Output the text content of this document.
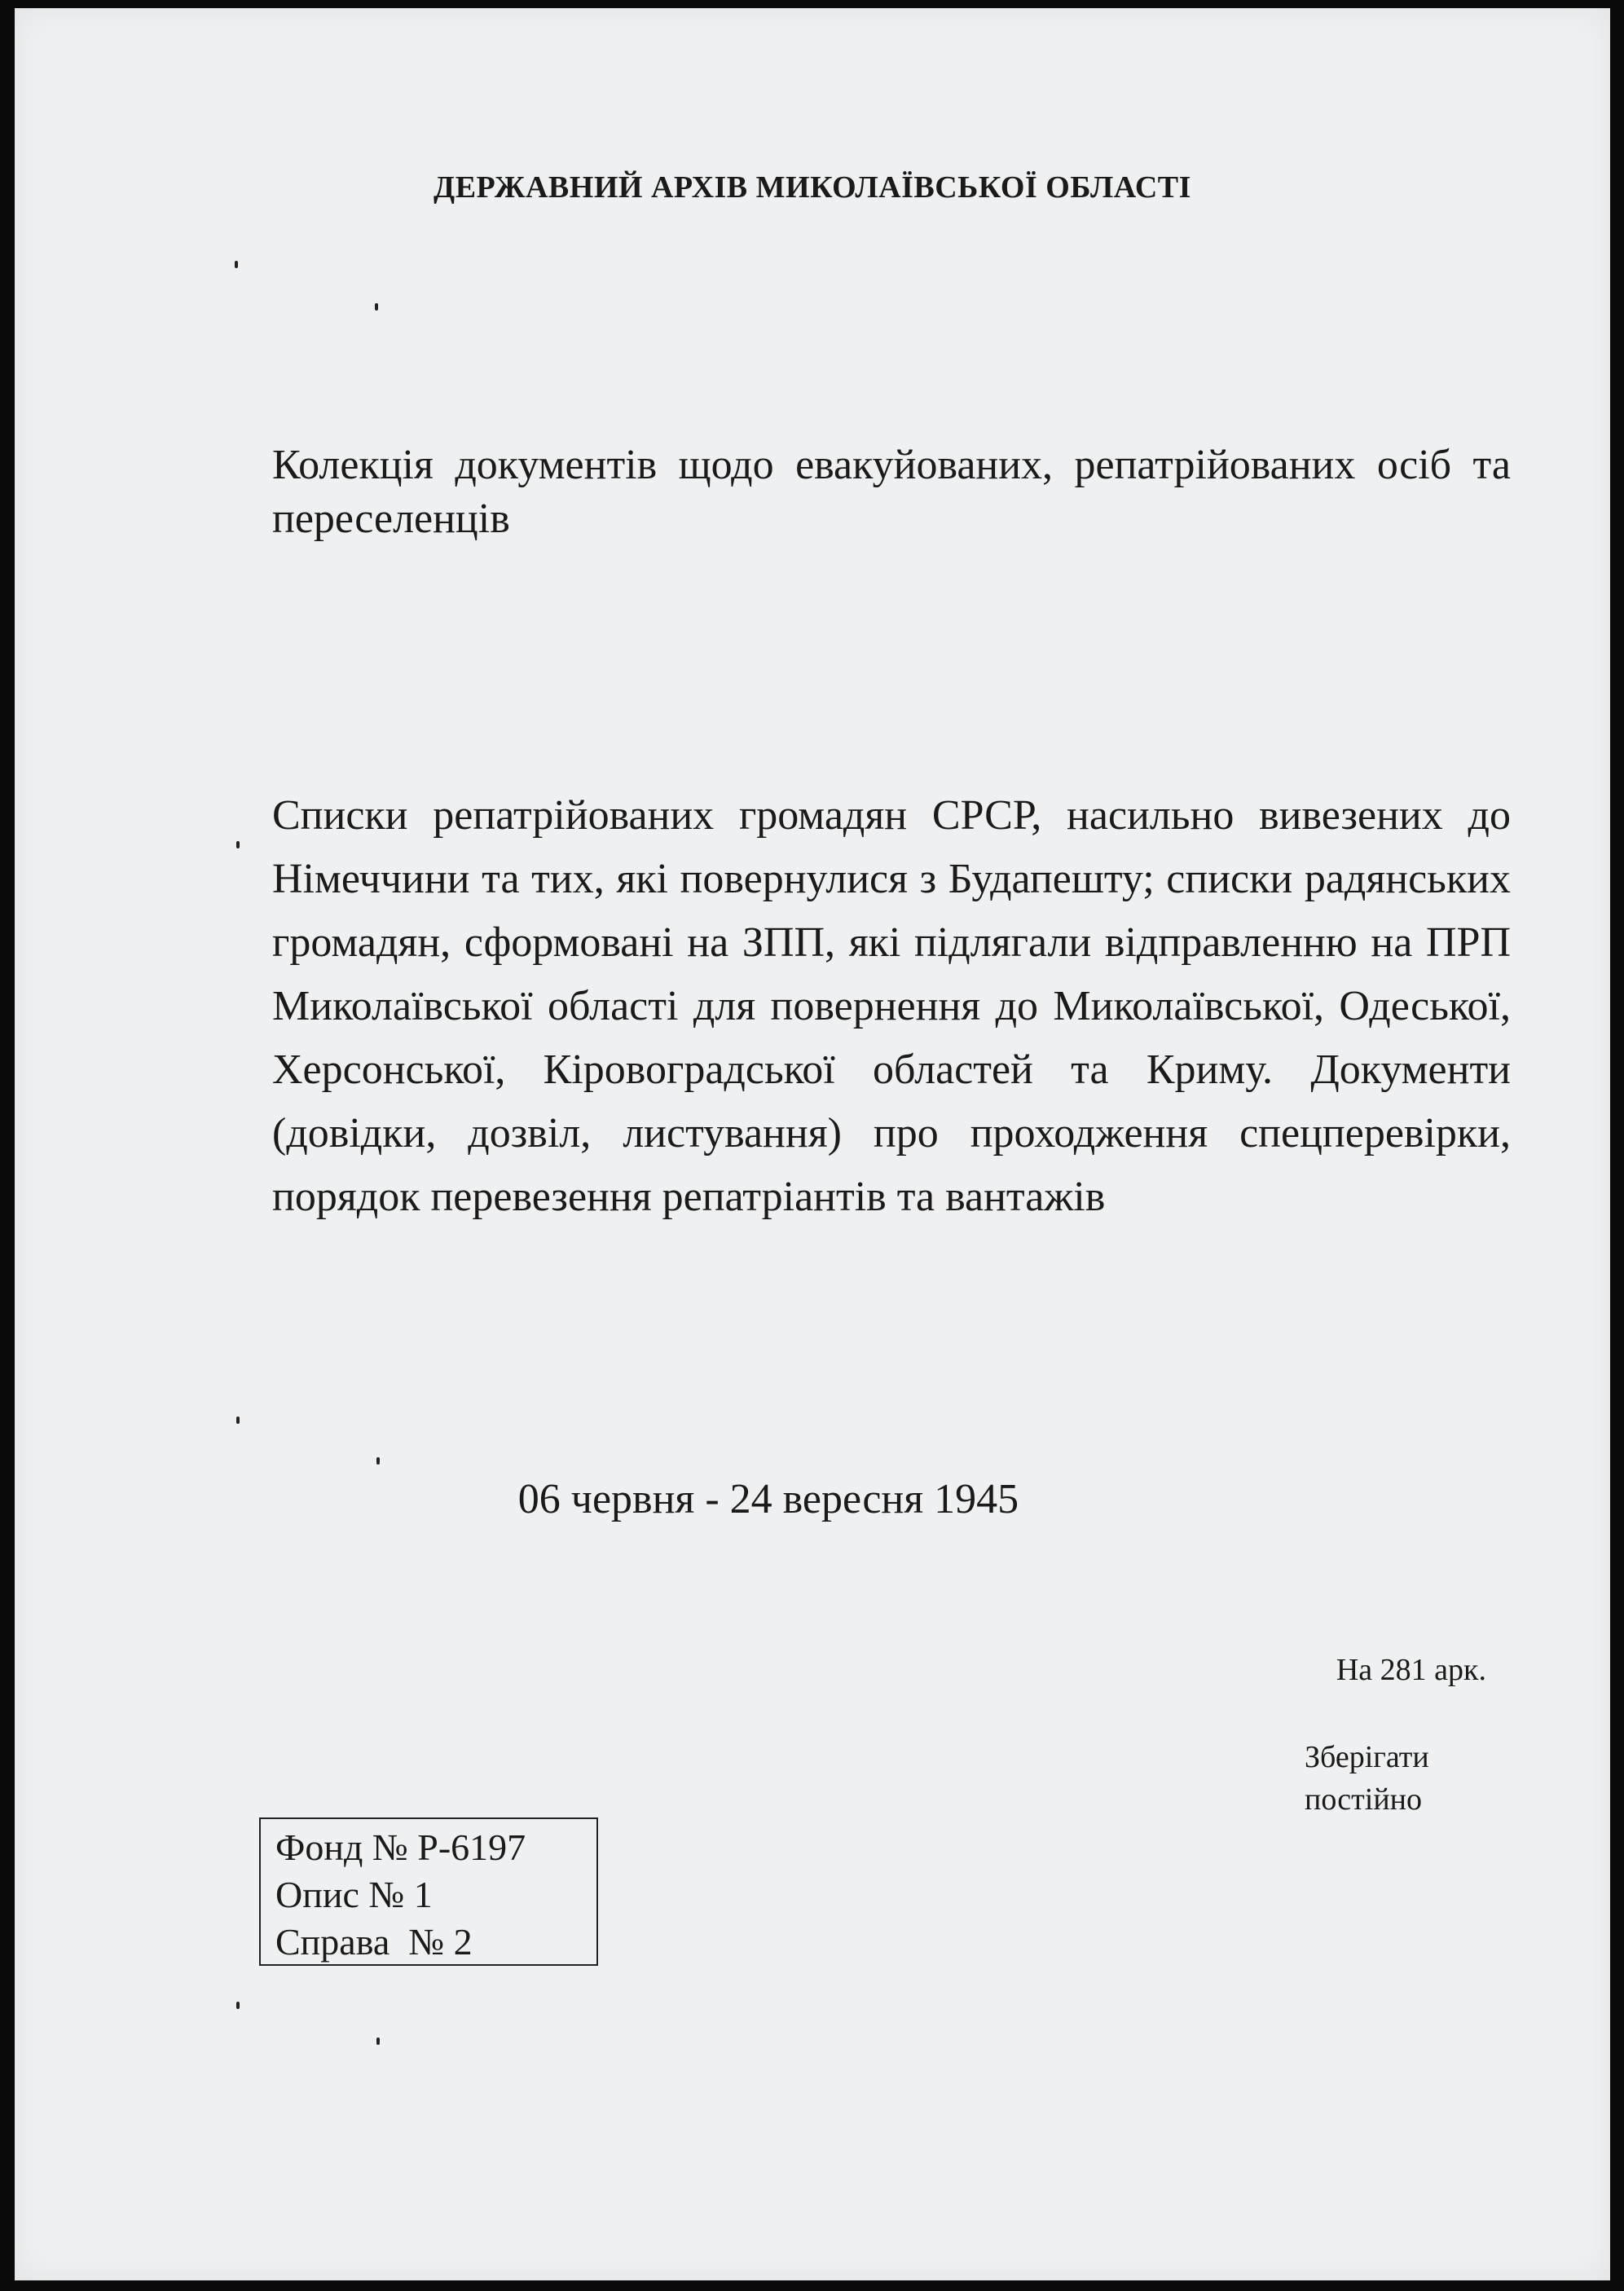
ДЕРЖАВНИЙ АРХІВ МИКОЛАЇВСЬКОЇ ОБЛАСТІ
Колекція документів щодо евакуйованих, репатрійованих осіб та переселенців
Списки репатрійованих громадян СРСР, насильно вивезених до Німеччини та тих, які повернулися з Будапешту; списки радянських громадян, сформовані на ЗПП, які підлягали відправленню на ПРП Миколаївської області для повернення до Миколаївської, Одеської, Херсонської, Кіровоградської областей та Криму. Документи (довідки, дозвіл, листування) про проходження спецперевірки, порядок перевезення репатріантів та вантажів
06 червня - 24 вересня 1945
На 281 арк.
Зберігати
постійно
Фонд № Р-6197
Опис № 1
Справа  № 2
